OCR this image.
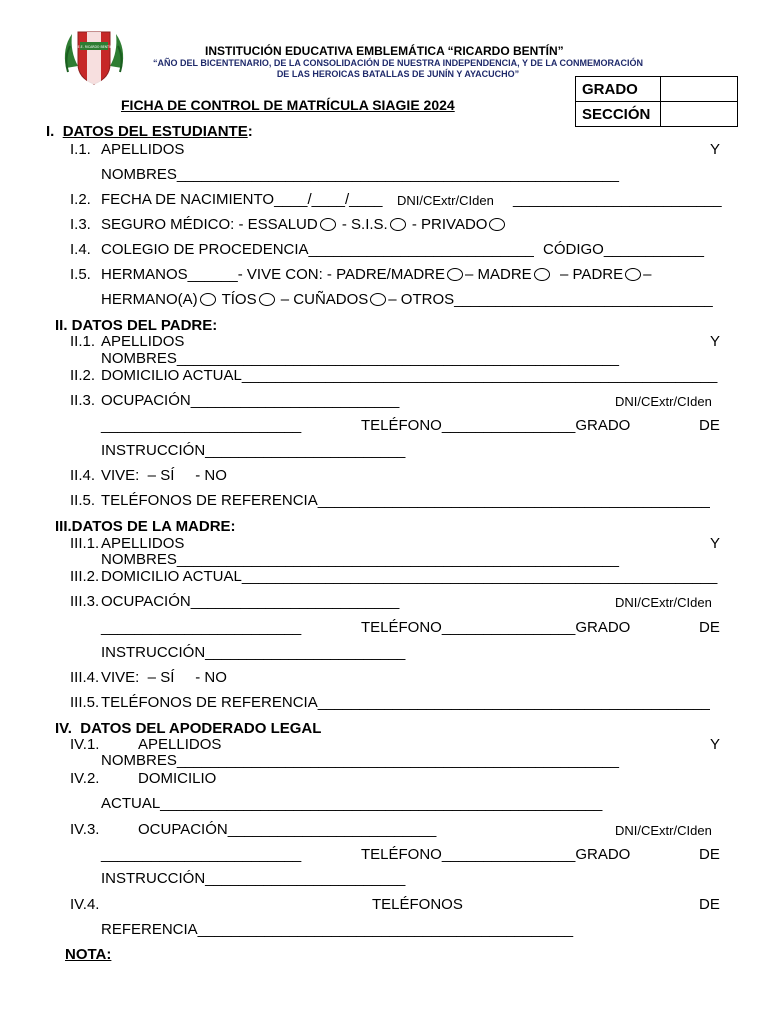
I.E.E. RICARDO BENTÍN	INSTITUCIÓN EDUCATIVA EMBLEMÁTICA “RICARDO BENTÍN”
“AÑO DEL BICENTENARIO, DE LA CONSOLIDACIÓN DE NUESTRA INDEPENDENCIA, Y DE LA CONMEMORACIÓN
DE LAS HEROICAS BATALLAS DE JUNÍN Y AYACUCHO”
FICHA DE CONTROL DE MATRÍCULA SIAGIE 2024
GRADO	
SECCIÓN	
I. DATOS DEL ESTUDIANTE:
I.1. APELLIDOS	Y
NOMBRES_____________________________________________________
I.2. FECHA DE NACIMIENTO____/____/____ DNI/CExtr/CIden _________________________
I.3. SEGURO MÉDICO: - ESSALUD - S.I.S. - PRIVADO
I.4. COLEGIO DE PROCEDENCIA___________________________ CÓDIGO____________
I.5. HERMANOS______- VIVE CON: - PADRE/MADRE – MADRE – PADRE –
HERMANO(A) TÍOS – CUÑADOS – OTROS_______________________________
II. DATOS DEL PADRE:
II.1. APELLIDOS	Y
NOMBRES_____________________________________________________
II.2. DOMICILIO ACTUAL_________________________________________________________
II.3. OCUPACIÓN_________________________	DNI/CExtr/CIden
________________________	TELÉFONO________________GRADO	DE
INSTRUCCIÓN________________________
II.4. VIVE:  – SÍ     - NO
II.5. TELÉFONOS DE REFERENCIA_______________________________________________
III.DATOS DE LA MADRE:
III.1. APELLIDOS	Y
NOMBRES_____________________________________________________
III.2. DOMICILIO ACTUAL_________________________________________________________
III.3. OCUPACIÓN_________________________	DNI/CExtr/CIden
________________________	TELÉFONO________________GRADO	DE
INSTRUCCIÓN________________________
III.4. VIVE:  – SÍ     - NO
III.5. TELÉFONOS DE REFERENCIA_______________________________________________
IV.  DATOS DEL APODERADO LEGAL
IV.1.	APELLIDOS	Y
NOMBRES_____________________________________________________
IV.2.	DOMICILIO
ACTUAL_____________________________________________________
IV.3.	OCUPACIÓN_________________________	DNI/CExtr/CIden
________________________	TELÉFONO________________GRADO	DE
INSTRUCCIÓN________________________
IV.4.	TELÉFONOS	DE
REFERENCIA_____________________________________________
NOTA:
